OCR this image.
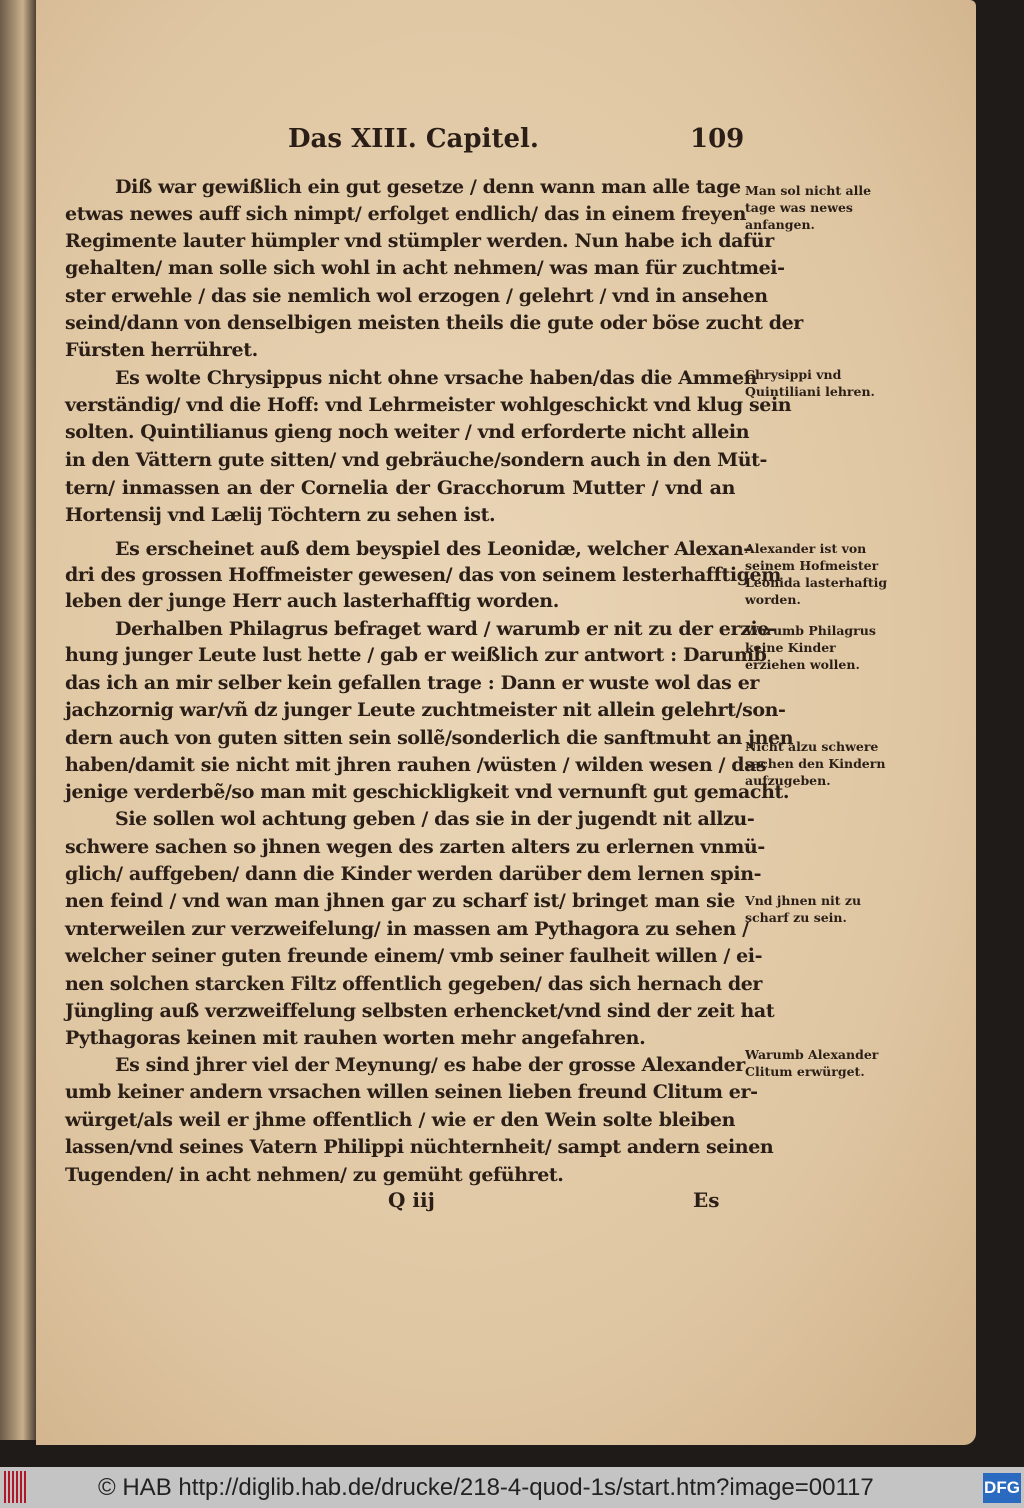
Das XIII. Capitel.	109
Diß war gewißlich ein gut gesetze / denn wann man alle tage
etwas newes auff sich nimpt/ erfolget endlich/ das in einem freyen
Regimente lauter hümpler vnd stümpler werden. Nun habe ich dafür
gehalten/ man solle sich wohl in acht nehmen/ was man für zuchtmei-
ster erwehle / das sie nemlich wol erzogen / gelehrt / vnd in ansehen
seind/dann von denselbigen meisten theils die gute oder böse zucht der
Fürsten herrühret.
Es wolte Chrysippus nicht ohne vrsache haben/das die Ammen
verständig/ vnd die Hoff: vnd Lehrmeister wohlgeschickt vnd klug sein
solten. Quintilianus gieng noch weiter / vnd erforderte nicht allein
in den Vättern gute sitten/ vnd gebräuche/sondern auch in den Müt-
tern/ inmassen an der Cornelia der Gracchorum Mutter / vnd an
Hortensij vnd Lælij Töchtern zu sehen ist.
Es erscheinet auß dem beyspiel des Leonidæ, welcher Alexan-
dri des grossen Hoffmeister gewesen/ das von seinem lesterhafftigem
leben der junge Herr auch lasterhafftig worden.
Derhalben Philagrus befraget ward / warumb er nit zu der erzie-
hung junger Leute lust hette / gab er weißlich zur antwort : Darumb
das ich an mir selber kein gefallen trage : Dann er wuste wol das er
jachzornig war/vñ dz junger Leute zuchtmeister nit allein gelehrt/son-
dern auch von guten sitten sein sollẽ/sonderlich die sanftmuht an jnen
haben/damit sie nicht mit jhren rauhen /wüsten / wilden wesen / das
jenige verderbẽ/so man mit geschickligkeit vnd vernunft gut gemacht.
Sie sollen wol achtung geben / das sie in der jugendt nit allzu-
schwere sachen so jhnen wegen des zarten alters zu erlernen vnmü-
glich/ auffgeben/ dann die Kinder werden darüber dem lernen spin-
nen feind / vnd wan man jhnen gar zu scharf ist/ bringet man sie
vnterweilen zur verzweifelung/ in massen am Pythagora zu sehen /
welcher seiner guten freunde einem/ vmb seiner faulheit willen / ei-
nen solchen starcken Filtz offentlich gegeben/ das sich hernach der
Jüngling auß verzweiffelung selbsten erhencket/vnd sind der zeit hat
Pythagoras keinen mit rauhen worten mehr angefahren.
Es sind jhrer viel der Meynung/ es habe der grosse Alexander
umb keiner andern vrsachen willen seinen lieben freund Clitum er-
würget/als weil er jhme offentlich / wie er den Wein solte bleiben
lassen/vnd seines Vatern Philippi nüchternheit/ sampt andern seinen
Tugenden/ in acht nehmen/ zu gemüht geführet.
Q iij	Es
Man sol nicht alle tage was newes anfangen.
Chrysippi vnd Quintiliani lehren.
Alexander ist von seinem Hofmeister Leonida lasterhaftig worden.
Worumb Philagrus keine Kinder erziehen wollen.
Nicht alzu schwere sachen den Kindern aufzugeben.
Vnd jhnen nit zu scharf zu sein.
Warumb Alexander Clitum erwürget.
© HAB http://diglib.hab.de/drucke/218-4-quod-1s/start.htm?image=00117	DFG
